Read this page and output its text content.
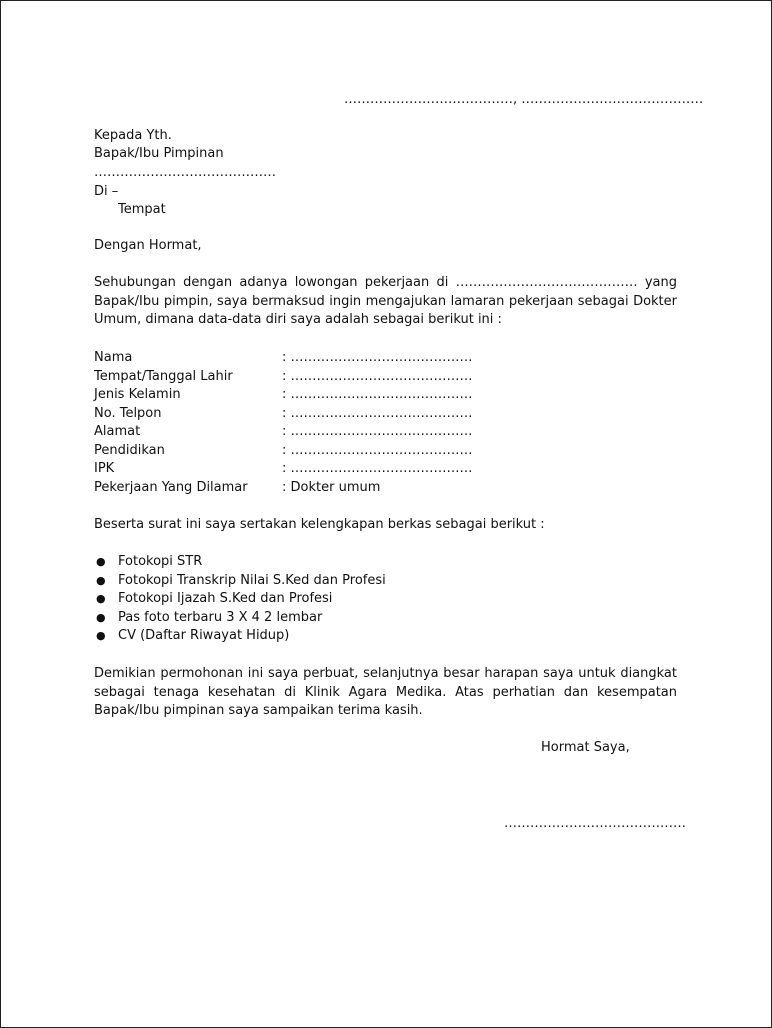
…………………………………, ……………………………………
Kepada Yth.
Bapak/Ibu Pimpinan
……………………………………
Di –
Tempat
Dengan Hormat,
Sehubungan dengan adanya lowongan pekerjaan di …………………………………… yang Bapak/Ibu pimpin, saya bermaksud ingin mengajukan lamaran pekerjaan sebagai Dokter Umum, dimana data-data diri saya adalah sebagai berikut ini :
Nama	: ……………………………………
Tempat/Tanggal Lahir	: ……………………………………
Jenis Kelamin	: ……………………………………
No. Telpon	: ……………………………………
Alamat	: ……………………………………
Pendidikan	: ……………………………………
IPK	: ……………………………………
Pekerjaan Yang Dilamar	: Dokter umum
Beserta surat ini saya sertakan kelengkapan berkas sebagai berikut :
● Fotokopi STR
● Fotokopi Transkrip Nilai S.Ked dan Profesi
● Fotokopi Ijazah S.Ked dan Profesi
● Pas foto terbaru 3 X 4 2 lembar
● CV (Daftar Riwayat Hidup)
Demikian permohonan ini saya perbuat, selanjutnya besar harapan saya untuk diangkat sebagai tenaga kesehatan di Klinik Agara Medika. Atas perhatian dan kesempatan Bapak/Ibu pimpinan saya sampaikan terima kasih.
Hormat Saya,
……………………………………
